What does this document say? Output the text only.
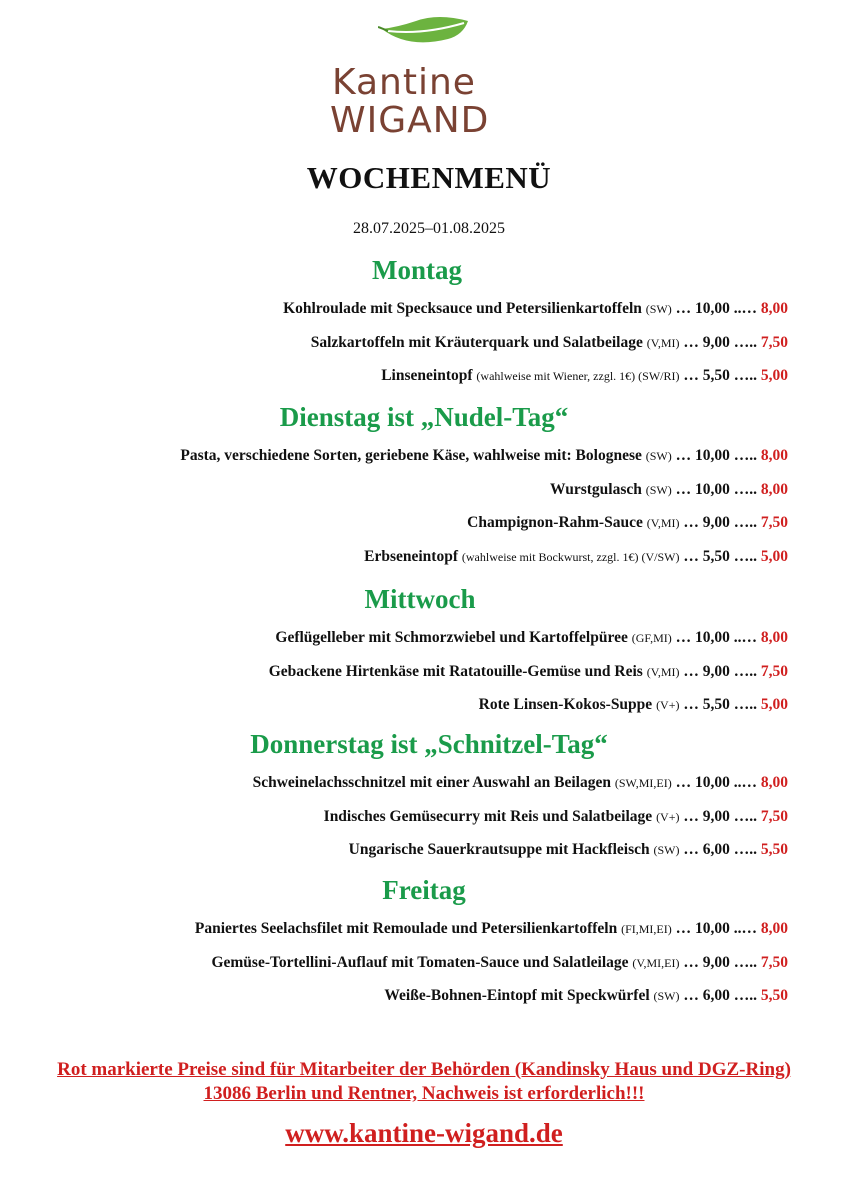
Kantine
WIGAND
WOCHENMENÜ
28.07.2025–01.08.2025
Montag
Kohlroulade mit Specksauce und Petersilienkartoffeln (SW) … 10,00 ..… 8,00
Salzkartoffeln mit Kräuterquark und Salatbeilage (V,MI) … 9,00 ….. 7,50
Linseneintopf (wahlweise mit Wiener, zzgl. 1€) (SW/RI) … 5,50 ….. 5,00
Dienstag ist „Nudel-Tag“
Pasta, verschiedene Sorten, geriebene Käse, wahlweise mit: Bolognese (SW) … 10,00 ….. 8,00
Wurstgulasch (SW) … 10,00 ….. 8,00
Champignon-Rahm-Sauce (V,MI) … 9,00 ….. 7,50
Erbseneintopf (wahlweise mit Bockwurst, zzgl. 1€) (V/SW) … 5,50 ….. 5,00
Mittwoch
Geflügelleber mit Schmorzwiebel und Kartoffelpüree (GF,MI) … 10,00 ..… 8,00
Gebackene Hirtenkäse mit Ratatouille-Gemüse und Reis (V,MI) … 9,00 ….. 7,50
Rote Linsen-Kokos-Suppe (V+) … 5,50 ….. 5,00
Donnerstag ist „Schnitzel-Tag“
Schweinelachsschnitzel mit einer Auswahl an Beilagen (SW,MI,EI) … 10,00 ..… 8,00
Indisches Gemüsecurry mit Reis und Salatbeilage (V+) … 9,00 ….. 7,50
Ungarische Sauerkrautsuppe mit Hackfleisch (SW) … 6,00 ….. 5,50
Freitag
Paniertes Seelachsfilet mit Remoulade und Petersilienkartoffeln (FI,MI,EI) … 10,00 ..… 8,00
Gemüse-Tortellini-Auflauf mit Tomaten-Sauce und Salatleilage (V,MI,EI) … 9,00 ….. 7,50
Weiße-Bohnen-Eintopf mit Speckwürfel (SW) … 6,00 ….. 5,50
Rot markierte Preise sind für Mitarbeiter der Behörden (Kandinsky Haus und DGZ-Ring)
13086 Berlin und Rentner, Nachweis ist erforderlich!!!
www.kantine-wigand.de
